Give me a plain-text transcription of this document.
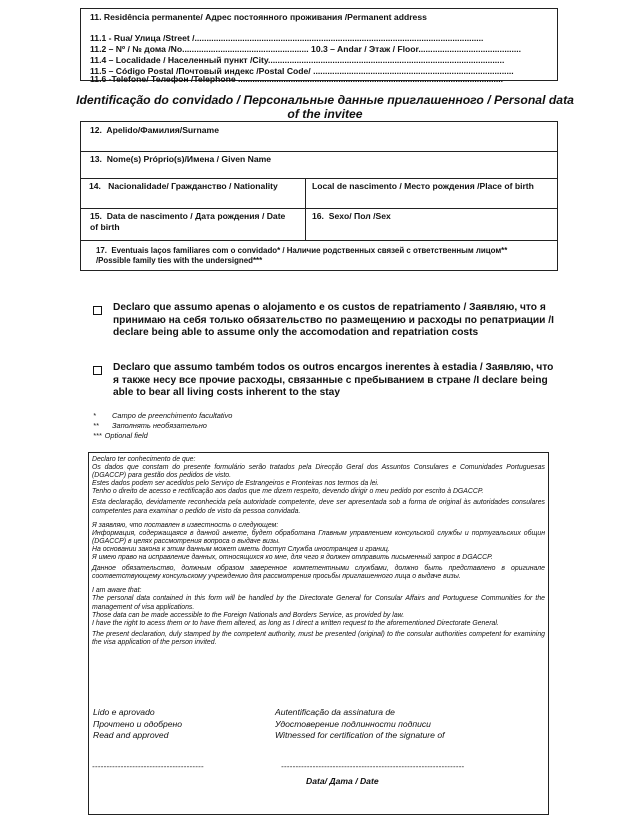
11. Residência permanente/ Адрес постоянного проживания /Permanent address
11.1 - Rua/ Улица /Street /.........................................................................................................................
11.2 – Nº / № дома /No..................................................... 10.3 – Andar / Этаж / Floor...........................................
11.4 – Localidade / Населенный пункт /City...................................................................................................
11.5 – Código Postal /Почтовый индекс /Postal Code/ ....................................................................................
11.6 -Telefone/ Телефон /Telephone ...............................................................................................................
Identificação do convidado / Персональные данные приглашенного / Personal data of the invitee
12.  Apelido/Фамилия/Surname
13.  Nome(s) Próprio(s)/Имена / Given Name
14.   Nacionalidade/ Гражданство / Nationality	Local de nascimento / Место рождения /Place of birth
15.  Data de nascimento / Дата рождения / Date
of birth
16.  Sexo/ Пол /Sex
17.  Eventuais laços familiares com o convidado* / Наличие родственных связей с ответственным лицом**
/Possible family ties with the undersigned***
Declaro que assumo apenas o alojamento e os custos de repatriamento / Заявляю, что я принимаю на себя только обязательство по размещению и расходы по репатриации /I declare being able to assume only the accomodation and repatriation costs
Declaro que assumo também todos os outros encargos inerentes à estadia / Заявляю, что я также несу все прочие расходы, связанные с пребыванием в стране /I declare being able to bear all living costs inherent to the stay
* Campo de preenchimento facultativo
** Заполнять необязательно
*** Optional field

Declaro ter conhecimento de que:

Os dados que constam do presente formulário serão tratados pela Direcção Geral dos Assuntos Consulares e Comunidades Portuguesas (DGACCP) para gestão dos pedidos de visto.

Estes dados podem ser acedidos pelo Serviço de Estrangeiros e Fronteiras nos termos da lei.

Tenho o direito de acesso e rectificação aos dados que me dizem respeito, devendo dirigir o meu pedido por escrito à DGACCP.

Esta declaração, devidamente reconhecida pela autoridade competente, deve ser apresentada sob a forma de original às autoridades consulares competentes para examinar o pedido de visto da pessoa convidada.

Я заявляю, что поставлен в известность о следующем:

Информация, содержащаяся в данной анкете, будет обработана Главным управлением консульской службы и португальских общин (DGACCP) в целях рассмотрения вопроса о выдаче визы.

На основании закона к этим данным может иметь доступ Служба иностранцев и границ.

Я имею право на исправление данных, относящихся ко мне, для чего я должен отправить письменный запрос в DGACCP.

Данное обязательство, должным образом заверенное компетентными службами, должно быть представлено в оригинале соответствующему консульскому учреждению для рассмотрения просьбы приглашенного лица о выдаче визы.

I am aware that:

The personal data contained in this form will be handled by the Directorate General for Consular Affairs and Portuguese Communities for the management of visa applications.

Those data can be made accessible to the Foreign Nationals and Borders Service, as provided by law.

I have the right to acess them or to have them altered, as long as I direct a written request to the aforementioned Directorate General.

The present declaration, duly stamped by the competent authority, must be presented (original) to the consular authorities competent for examining the visa application of the person invited.

Lido e aprovado
Прочтено и одобрено
Read and approved
Autentificação da assinatura de
Удостоверение подлинности подписи
Witnessed for certification of the signature of
---------------------------------------	----------------------------------------------------------------
Data/ Дата / Date
